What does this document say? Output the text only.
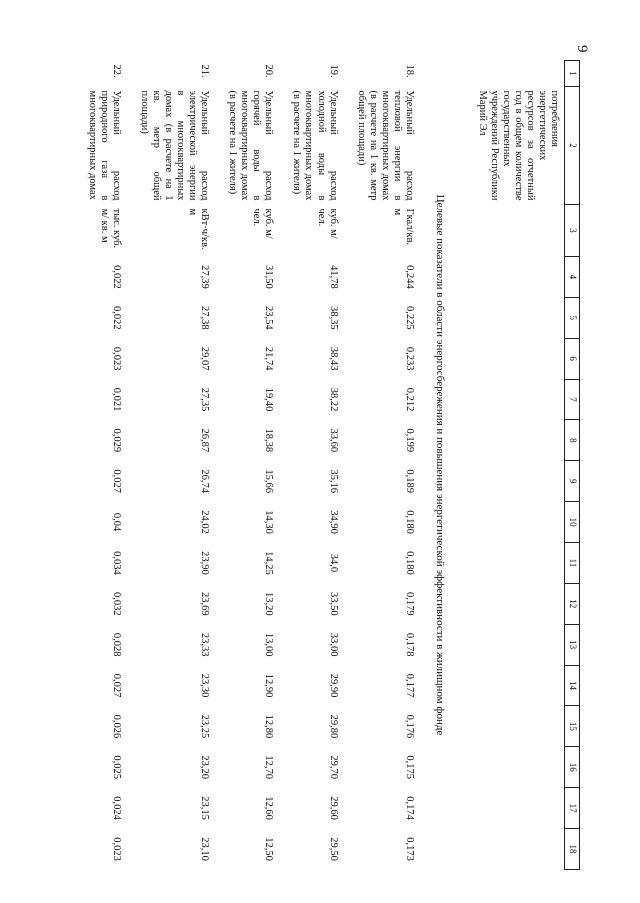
9
1	2	3	4	5	6	7	8	9	10	11	12	13	14	15	16	17	18
	потребления энергетических ресурсов за отчетный год в общем количестве государственных учреждений Республики Марий Эл																
Целевые показатели в области энергосбережения и повышения энергетической эффективности в жилищном фонде																	
18.	Удельный расход тепловой энергии в многоквартирных домах (в расчете на 1 кв. метр общей площади)	Гкал/кв. м	0,244	0,225	0,233	0,212	0,199	0,189	0,180	0,180	0,179	0,178	0,177	0,176	0,175	0,174	0,173
19.	Удельный расход холодной воды в многоквартирных домах (в расчете на 1 жителя)	куб. м/чел.	41,78	38,35	38,43	38,22	33,60	35,16	34,90	34,0	33,50	33,00	29,90	29,80	29,70	29,60	29,50
20.	Удельный расход горячей воды в многоквартирных домах (в расчете на 1 жителя)	куб. м/чел.	31,50	23,54	21,74	19,40	18,38	15,66	14,30	14,25	13,20	13,00	12,90	12,80	12,70	12,60	12,50
21.	Удельный расход электрической энергии в многоквартирных домах (в расчете на 1 кв. метр общей площади)	кВт·ч/кв. м	27,39	27,38	29,07	27,35	26,87	26,74	24,02	23,90	23,69	23,33	23,30	23,25	23,20	23,15	23,10
22.	Удельный расход природного газа в многоквартирных домах	тыс. куб. м/ кв. м	0,022	0,022	0,023	0,021	0,029	0,027	0,04	0,034	0,032	0,028	0,027	0,026	0,025	0,024	0,023
